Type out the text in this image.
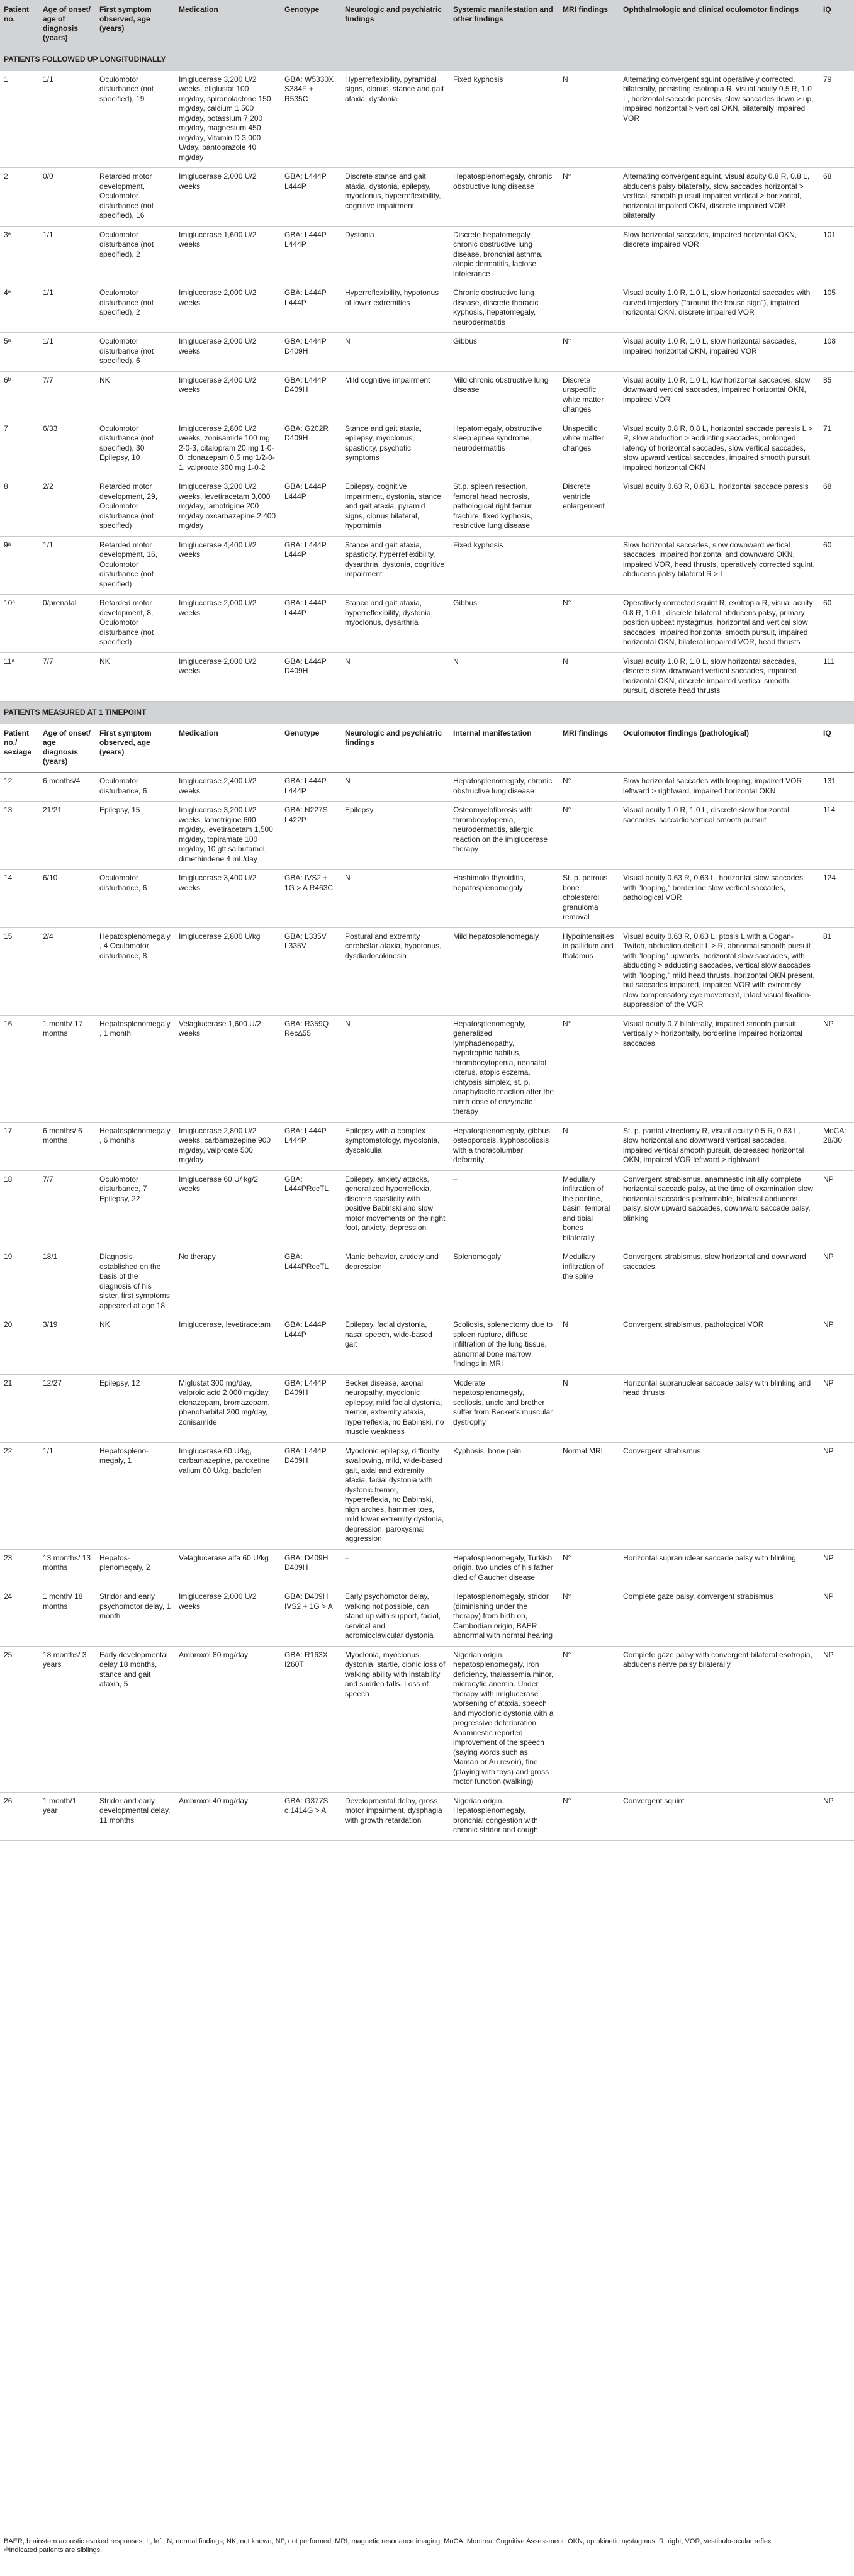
Patient no.	Age of onset/ age of diagnosis (years)	First symptom observed, age (years)	Medication	Genotype	Neurologic and psychiatric findings	Systemic manifestation and other findings	MRI findings	Ophthalmologic and clinical oculomotor findings	IQ
PATIENTS FOLLOWED UP LONGITUDINALLY									
1	1/1	Oculomotor disturbance (not specified), 19	Imiglucerase 3,200 U/2 weeks, eliglustat 100 mg/day, spironolactone 150 mg/day, calcium 1,500 mg/day, potassium 7,200 mg/day, magnesium 450 mg/day, Vitamin D 3,000 U/day, pantoprazole 40 mg/day	GBA: W5330X S384F + R535C	Hyperreflexibility, pyramidal signs, clonus, stance and gait ataxia, dystonia	Fixed kyphosis	N	Alternating convergent squint operatively corrected, bilaterally, persisting esotropia R, visual acuity 0.5 R, 1.0 L, horizontal saccade paresis, slow saccades down > up, impaired horizontal > vertical OKN, bilaterally impaired VOR	79
2	0/0	Retarded motor development, Oculomotor disturbance (not specified), 16	Imiglucerase 2,000 U/2 weeks	GBA: L444P L444P	Discrete stance and gait ataxia, dystonia, epilepsy, myoclonus, hyperreflexibility, cognitive impairment	Hepatosplenomegaly, chronic obstructive lung disease	N°	Alternating convergent squint, visual acuity 0.8 R, 0.8 L, abducens palsy bilaterally, slow saccades horizontal > vertical, smooth pursuit impaired vertical > horizontal, horizontal impaired OKN, discrete impaired VOR bilaterally	68
3ᵃ	1/1	Oculomotor disturbance (not specified), 2	Imiglucerase 1,600 U/2 weeks	GBA: L444P L444P	Dystonia	Discrete hepatomegaly, chronic obstructive lung disease, bronchial asthma, atopic dermatitis, lactose intolerance		Slow horizontal saccades, impaired horizontal OKN, discrete impaired VOR	101
4ᵃ	1/1	Oculomotor disturbance (not specified), 2	Imiglucerase 2,000 U/2 weeks	GBA: L444P L444P	Hyperreflexibility, hypotonus of lower extremities	Chronic obstructive lung disease, discrete thoracic kyphosis, hepatomegaly, neurodermatitis		Visual acuity 1.0 R, 1.0 L, slow horizontal saccades with curved trajectory ("around the house sign"), impaired horizontal OKN, discrete impaired VOR	105
5ᵃ	1/1	Oculomotor disturbance (not specified), 6	Imiglucerase 2,000 U/2 weeks	GBA: L444P D409H	N	Gibbus	N°	Visual acuity 1.0 R, 1.0 L, slow horizontal saccades, impaired horizontal OKN, impaired VOR	108
6ᵇ	7/7	NK	Imiglucerase 2,400 U/2 weeks	GBA: L444P D409H	Mild cognitive impairment	Mild chronic obstructive lung disease	Discrete unspecific white matter changes	Visual acuity 1.0 R, 1.0 L, low horizontal saccades, slow downward vertical saccades, impaired horizontal OKN, impaired VOR	85
7	6/33	Oculomotor disturbance (not specified), 30 Epilepsy, 10	Imiglucerase 2,800 U/2 weeks, zonisamide 100 mg 2-0-3, citalopram 20 mg 1-0-0, clonazepam 0,5 mg 1/2-0-1, valproate 300 mg 1-0-2	GBA: G202R D409H	Stance and gait ataxia, epilepsy, myoclonus, spasticity, psychotic symptoms	Hepatomegaly, obstructive sleep apnea syndrome, neurodermatitis	Unspecific white matter changes	Visual acuity 0.8 R, 0.8 L, horizontal saccade paresis L > R, slow abduction > adducting saccades, prolonged latency of horizontal saccades, slow vertical saccades, slow upward vertical saccades, impaired smooth pursuit, impaired horizontal OKN	71
8	2/2	Retarded motor development, 29, Oculomotor disturbance (not specified)	Imiglucerase 3,200 U/2 weeks, levetiracetam 3,000 mg/day, lamotrigine 200 mg/day oxcarbazepine 2,400 mg/day	GBA: L444P L444P	Epilepsy, cognitive impairment, dystonia, stance and gait ataxia, pyramid signs, clonus bilateral, hypomimia	St.p. spleen resection, femoral head necrosis, pathological right femur fracture, fixed kyphosis, restrictive lung disease	Discrete ventricle enlargement	Visual acuity 0.63 R, 0.63 L, horizontal saccade paresis	68
9ᵃ	1/1	Retarded motor development, 16, Oculomotor disturbance (not specified)	Imiglucerase 4,400 U/2 weeks	GBA: L444P L444P	Stance and gait ataxia, spasticity, hyperreflexibility, dysarthria, dystonia, cognitive impairment	Fixed kyphosis		Slow horizontal saccades, slow downward vertical saccades, impaired horizontal and downward OKN, impaired VOR, head thrusts, operatively corrected squint, abducens palsy bilateral R > L	60
10ᵃ	0/prenatal	Retarded motor development, 8, Oculomotor disturbance (not specified)	Imiglucerase 2,000 U/2 weeks	GBA: L444P L444P	Stance and gait ataxia, hyperreflexibility, dystonia, myoclonus, dysarthria	Gibbus	N°	Operatively corrected squint R, exotropia R, visual acuity 0.8 R, 1.0 L, discrete bilateral abducens palsy, primary position upbeat nystagmus, horizontal and vertical slow saccades, impaired horizontal smooth pursuit, impaired horizontal OKN, bilateral impaired VOR, head thrusts	60
11ᵃ	7/7	NK	Imiglucerase 2,000 U/2 weeks	GBA: L444P D409H	N	N	N	Visual acuity 1.0 R, 1.0 L, slow horizontal saccades, discrete slow downward vertical saccades, impaired horizontal OKN, discrete impaired vertical smooth pursuit, discrete head thrusts	111
PATIENTS MEASURED AT 1 TIMEPOINT									
Patient no./ sex/age	Age of onset/ age diagnosis (years)	First symptom observed, age (years)	Medication	Genotype	Neurologic and psychiatric findings	Internal manifestation	MRI findings	Oculomotor findings (pathological)	IQ
12	6 months/4	Oculomotor disturbance, 6	Imiglucerase 2,400 U/2 weeks	GBA: L444P L444P	N	Hepatosplenomegaly, chronic obstructive lung disease	N°	Slow horizontal saccades with looping, impaired VOR leftward > rightward, impaired horizontal OKN	131
13	21/21	Epilepsy, 15	Imiglucerase 3,200 U/2 weeks, lamotrigine 600 mg/day, levetiracetam 1,500 mg/day, topiramate 100 mg/day, 10 gtt salbutamol, dimethindene 4 mL/day	GBA: N227S L422P	Epilepsy	Osteomyelofibrosis with thrombocytopenia, neurodermatitis, allergic reaction on the imiglucerase therapy	N°	Visual acuity 1.0 R, 1.0 L, discrete slow horizontal saccades, saccadic vertical smooth pursuit	114
14	6/10	Oculomotor disturbance, 6	Imiglucerase 3,400 U/2 weeks	GBA: IVS2 + 1G > A R463C	N	Hashimoto thyroiditis, hepatosplenomegaly	St. p. petrous bone cholesterol granuloma removal	Visual acuity 0.63 R, 0.63 L, horizontal slow saccades with "looping," borderline slow vertical saccades, pathological VOR	124
15	2/4	Hepatosplenomegaly, 4 Oculomotor disturbance, 8	Imiglucerase 2,800 U/kg	GBA: L335V L335V	Postural and extremity cerebellar ataxia, hypotonus, dysdiadocokinesia	Mild hepatosplenomegaly	Hypointensities in pallidum and thalamus	Visual acuity 0.63 R, 0.63 L, ptosis L with a Cogan-Twitch, abduction deficit L > R, abnormal smooth pursuit with "looping" upwards, horizontal slow saccades, with abducting > adducting saccades, vertical slow saccades with "looping," mild head thrusts, horizontal OKN present, but saccades impaired, impaired VOR with extremely slow compensatory eye movement, intact visual fixation-suppression of the VOR	81
16	1 month/ 17 months	Hepatosplenomegaly, 1 month	Velaglucerase 1,600 U/2 weeks	GBA: R359Q Rec∆55	N	Hepatosplenomegaly, generalized lymphadenopathy, hypotrophic habitus, thrombocytopenia, neonatal icterus, atopic eczema, ichtyosis simplex, st. p. anaphylactic reaction after the ninth dose of enzymatic therapy	N°	Visual acuity 0.7 bilaterally, impaired smooth pursuit vertically > horizontally, borderline impaired horizontal saccades	NP
17	6 months/ 6 months	Hepatosplenomegaly, 6 months	Imiglucerase 2,800 U/2 weeks, carbamazepine 900 mg/day, valproate 500 mg/day	GBA: L444P L444P	Epilepsy with a complex symptomatology, myoclonia, dyscalculia	Hepatosplenomegaly, gibbus, osteoporosis, kyphoscoliosis with a thoracolumbar deformity	N	St. p. partial vitrectomy R, visual acuity 0.5 R, 0.63 L, slow horizontal and downward vertical saccades, impaired vertical smooth pursuit, decreased horizontal OKN, impaired VOR leftward > rightward	MoCA: 28/30
18	7/7	Oculomotor disturbance, 7 Epilepsy, 22	Imiglucerase 60 U/ kg/2 weeks	GBA: L444PRecTL	Epilepsy, anxiety attacks, generalized hyperreflexia, discrete spasticity with positive Babinski and slow motor movements on the right foot, anxiety, depression	–	Medullary infiltration of the pontine, basin, femoral and tibial bones bilaterally	Convergent strabismus, anamnestic initially complete horizontal saccade palsy, at the time of examination slow horizontal saccades performable, bilateral abducens palsy, slow upward saccades, downward saccade palsy, blinking	NP
19	18/1	Diagnosis established on the basis of the diagnosis of his sister, first symptoms appeared at age 18	No therapy	GBA: L444PRecTL	Manic behavior, anxiety and depression	Splenomegaly	Medullary infiltration of the spine	Convergent strabismus, slow horizontal and downward saccades	NP
20	3/19	NK	Imiglucerase, levetiracetam	GBA: L444P L444P	Epilepsy, facial dystonia, nasal speech, wide-based gait	Scoliosis, splenectomy due to spleen rupture, diffuse infiltration of the lung tissue, abnormal bone marrow findings in MRI	N	Convergent strabismus, pathological VOR	NP
21	12/27	Epilepsy, 12	Miglustat 300 mg/day, valproic acid 2,000 mg/day, clonazepam, bromazepam, phenobarbital 200 mg/day, zonisamide	GBA: L444P D409H	Becker disease, axonal neuropathy, myoclonic epilepsy, mild facial dystonia, tremor, extremity ataxia, hyperreflexia, no Babinski, no muscle weakness	Moderate hepatosplenomegaly, scoliosis, uncle and brother suffer from Becker's muscular dystrophy	N	Horizontal supranuclear saccade palsy with blinking and head thrusts	NP
22	1/1	Hepatospleno-megaly, 1	Imiglucerase 60 U/kg, carbamazepine, paroxetine, valium 60 U/kg, baclofen	GBA: L444P D409H	Myoclonic epilepsy, difficulty swallowing, mild, wide-based gait, axial and extremity ataxia, facial dystonia with dystonic tremor, hyperreflexia, no Babinski, high arches, hammer toes, mild lower extremity dystonia, depression, paroxysmal aggression	Kyphosis, bone pain	Normal MRI	Convergent strabismus	NP
23	13 months/ 13 months	Hepatos-plenomegaly, 2	Velaglucerase alfa 60 U/kg	GBA: D409H D409H	–	Hepatosplenomegaly, Turkish origin, two uncles of his father died of Gaucher disease	N°	Horizontal supranuclear saccade palsy with blinking	NP
24	1 month/ 18 months	Stridor and early psychomotor delay, 1 month	Imiglucerase 2,000 U/2 weeks	GBA: D409H IVS2 + 1G > A	Early psychomotor delay, walking not possible, can stand up with support, facial, cervical and acromioclavicular dystonia	Hepatosplenomegaly, stridor (diminishing under the therapy) from birth on, Cambodian origin, BAER abnormal with normal hearing	N°	Complete gaze palsy, convergent strabismus	NP
25	18 months/ 3 years	Early developmental delay 18 months, stance and gait ataxia, 5	Ambroxol 80 mg/day	GBA: R163X I260T	Myoclonia, myoclonus, dystonia, startle, clonic loss of walking ability with instability and sudden falls. Loss of speech	Nigerian origin, hepatosplenomegaly, iron deficiency, thalassemia minor, microcytic anemia. Under therapy with imiglucerase worsening of ataxia, speech and myoclonic dystonia with a progressive deterioration. Anamnestic reported improvement of the speech (saying words such as Maman or Au revoir), fine (playing with toys) and gross motor function (walking)	N°	Complete gaze palsy with convergent bilateral esotropia, abducens nerve palsy bilaterally	NP
26	1 month/1 year	Stridor and early developmental delay, 11 months	Ambroxol 40 mg/day	GBA: G377S c.1414G > A	Developmental delay, gross motor impairment, dysphagia with growth retardation	Nigerian origin. Hepatosplenomegaly, bronchial congestion with chronic stridor and cough	N°	Convergent squint	NP
BAER, brainstem acoustic evoked responses; L, left; N, normal findings; NK, not known; NP, not performed; MRI, magnetic resonance imaging; MoCA, Montreal Cognitive Assessment; OKN, optokinetic nystagmus; R, right; VOR, vestibulo-ocular reflex.
ᵃᵇIndicated patients are siblings.
